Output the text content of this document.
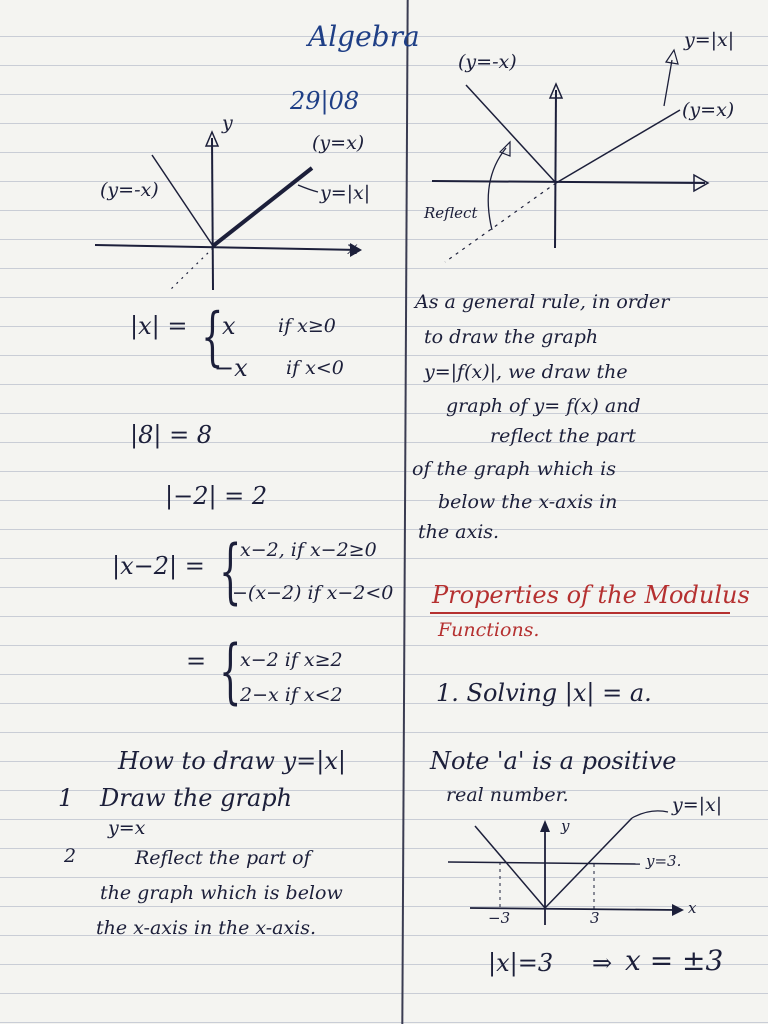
Algebra
29|08
y
x
(y=-x)
(y=x)
y=|x|
|x| = {
x if x≥0
−x if x<0
|8| = 8
|−2| = 2
|x−2| = {
x−2, if x−2≥0
−(x−2) if x−2<0
= {
x−2 if x≥2
2−x if x<2
How to draw y=|x|
1 Draw the graph
y=x
2	Reflect the part of
the graph which is below
the x-axis in the x-axis.
(y=-x)
(y=x)
y=|x|
Reflect
As a general rule, in order
to draw the graph
y=|f(x)|, we draw the
graph of y= f(x) and
reflect the part
of the graph which is
below the x-axis in
the axis.
Properties of the Modulus
Functions.
1. Solving |x| = a.
Note 'a' is a positive
real number.
y
x
y=|x|
y=3.
−3	3
|x|=3 ⇒ x = ±3
